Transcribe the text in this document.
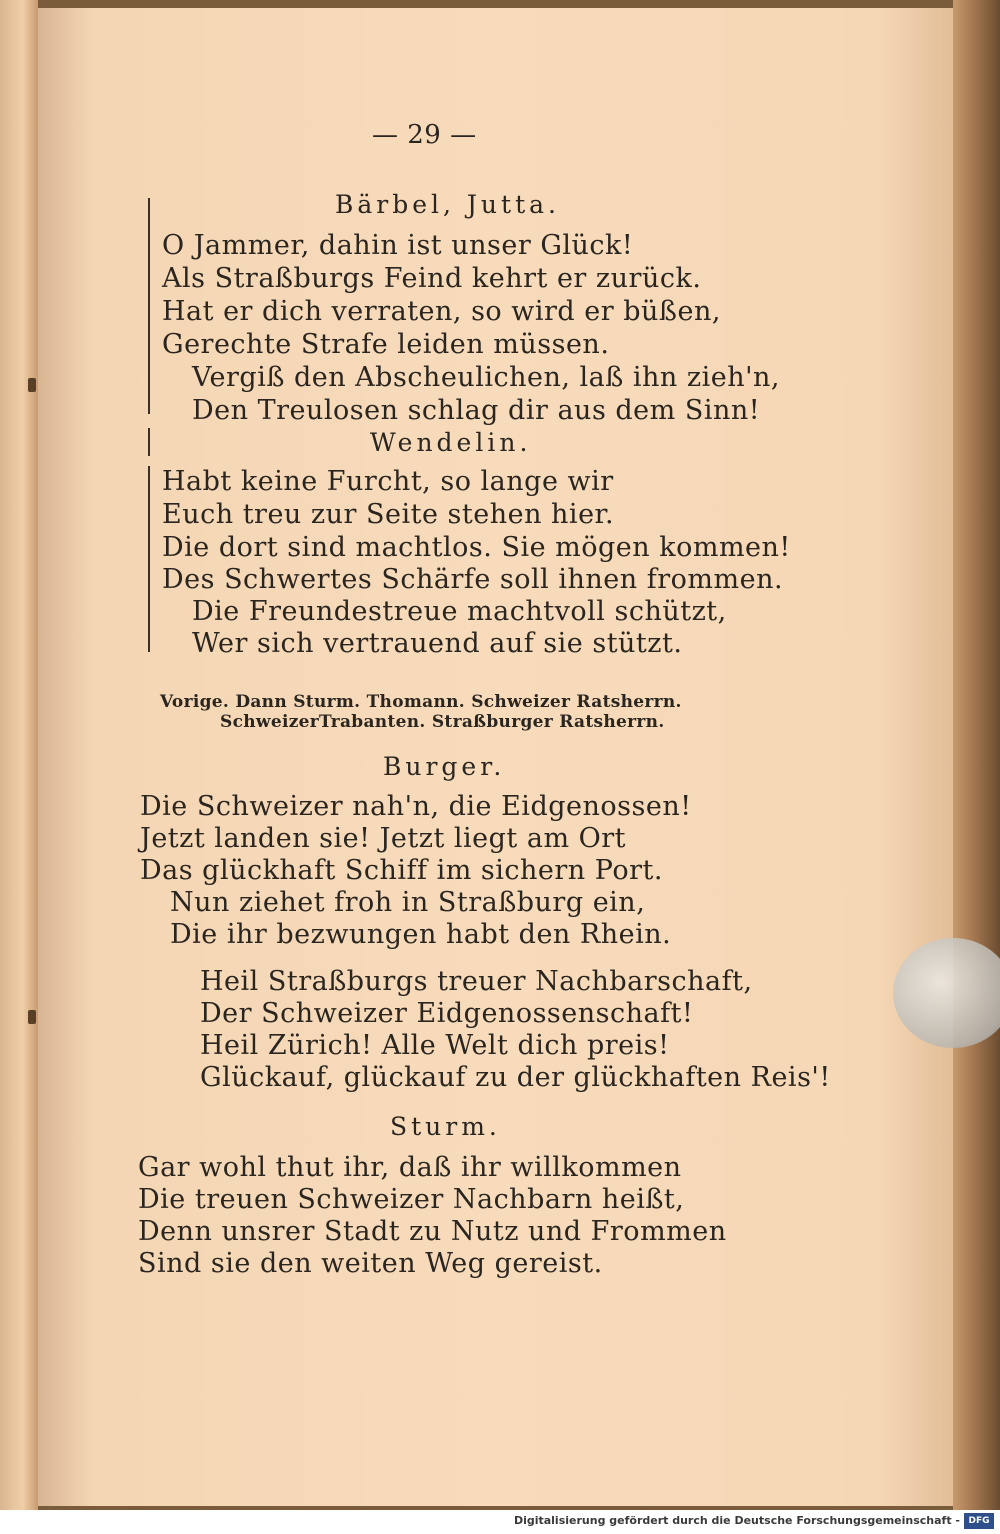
— 29 —
Bärbel, Jutta.
O Jammer, dahin ist unser Glück!
Als Straßburgs Feind kehrt er zurück.
Hat er dich verraten, so wird er büßen,
Gerechte Strafe leiden müssen.
Vergiß den Abscheulichen, laß ihn zieh'n,
Den Treulosen schlag dir aus dem Sinn!
Wendelin.
Habt keine Furcht, so lange wir
Euch treu zur Seite stehen hier.
Die dort sind machtlos. Sie mögen kommen!
Des Schwertes Schärfe soll ihnen frommen.
Die Freundestreue machtvoll schützt,
Wer sich vertrauend auf sie stützt.
Vorige. Dann Sturm. Thomann. Schweizer Ratsherrn.
SchweizerTrabanten. Straßburger Ratsherrn.
Burger.
Die Schweizer nah'n, die Eidgenossen!
Jetzt landen sie! Jetzt liegt am Ort
Das glückhaft Schiff im sichern Port.
Nun ziehet froh in Straßburg ein,
Die ihr bezwungen habt den Rhein.
Heil Straßburgs treuer Nachbarschaft,
Der Schweizer Eidgenossenschaft!
Heil Zürich! Alle Welt dich preis!
Glückauf, glückauf zu der glückhaften Reis'!
Sturm.
Gar wohl thut ihr, daß ihr willkommen
Die treuen Schweizer Nachbarn heißt,
Denn unsrer Stadt zu Nutz und Frommen
Sind sie den weiten Weg gereist.
Digitalisierung gefördert durch die Deutsche Forschungsgemeinschaft - DFG
